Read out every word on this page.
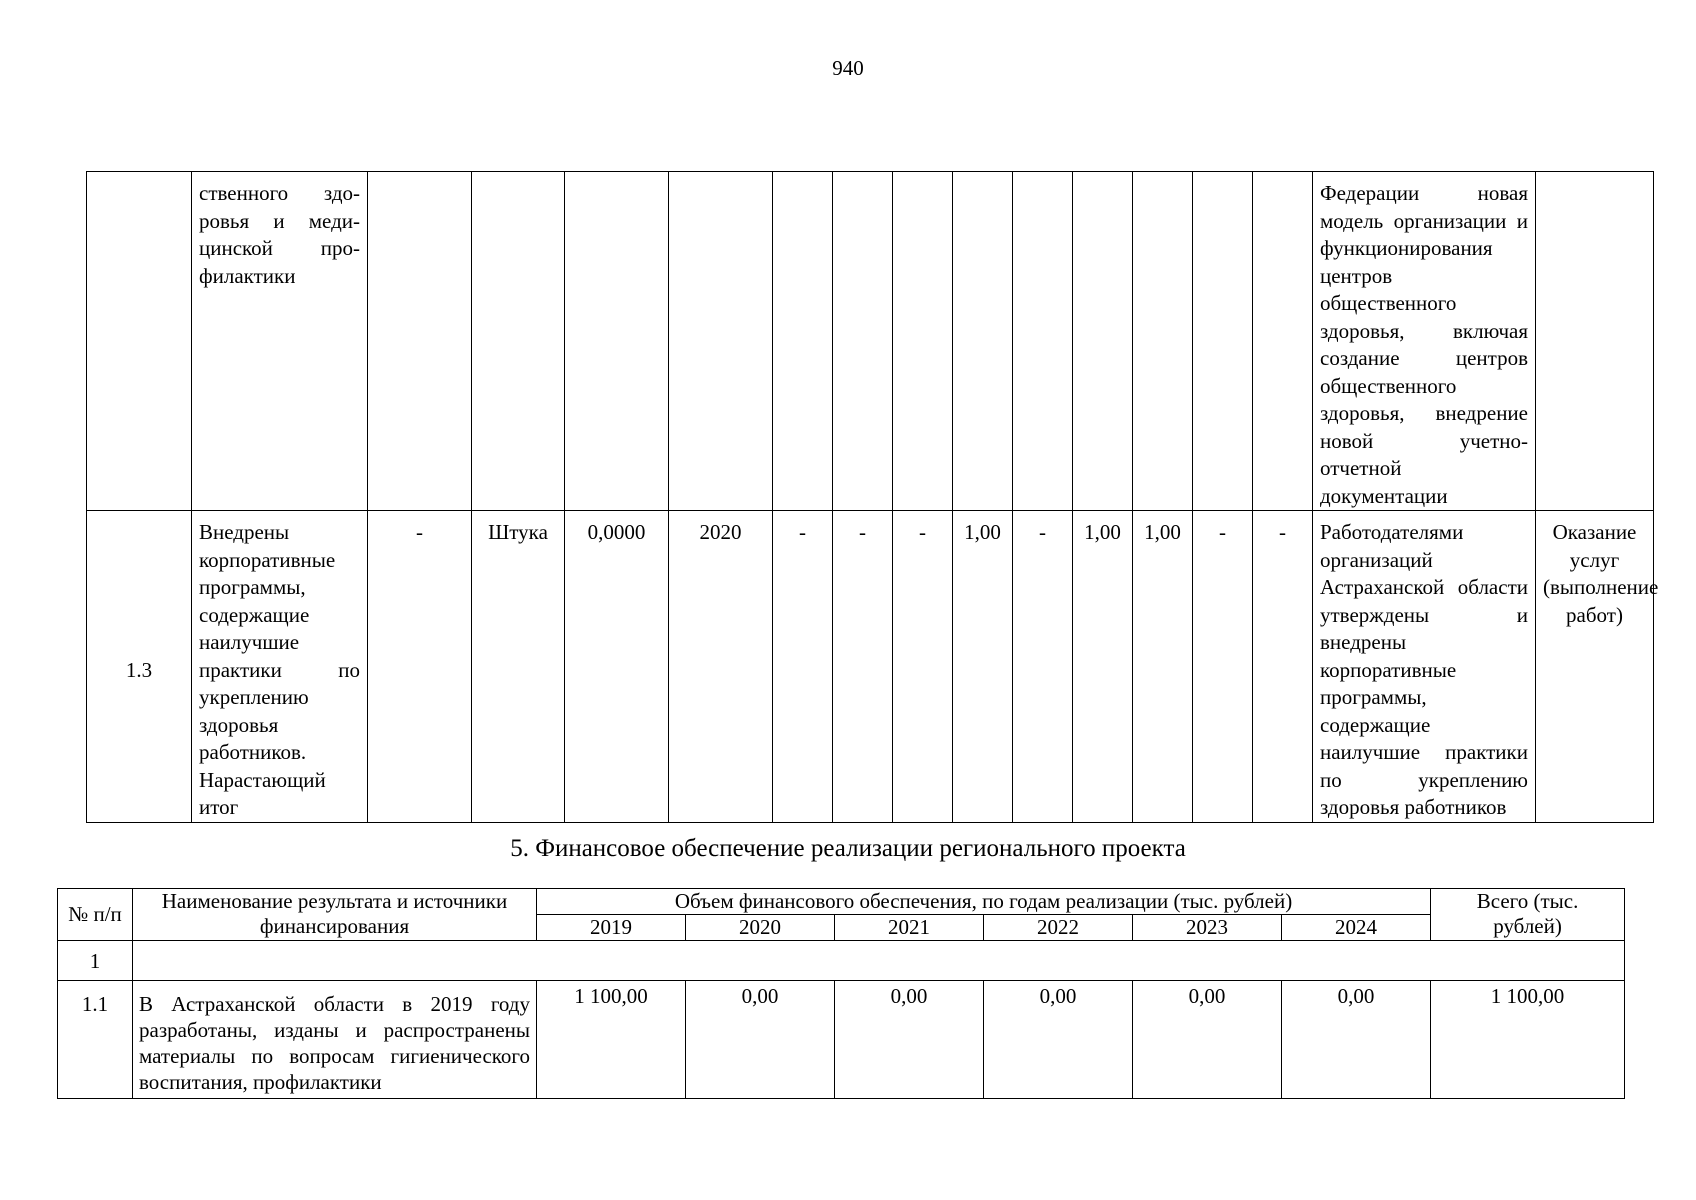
940

	ственного здо-
ровья и меди-
цинской про-
филактики														Федерации новая модель организации и функционирования центров общественного здоровья, включая создание центров общественного здоровья, внедрение новой учетно-отчетной документации	
1.3	Внедрены корпоративные программы, содержащие наилучшие практики по укреплению здоровья работников. Нарастающий итог	-	Штука	0,0000	2020	-	-	-	1,00	-	1,00	1,00	-	-	Работодателями организаций Астраханской области утверждены и внедрены корпоративные программы, содержащие наилучшие практики по укреплению здоровья работников	Оказание услуг (выполнение работ)
5. Финансовое обеспечение реализации регионального проекта
№ п/п	Наименование результата и источники финансирования	Объем финансового обеспечения, по годам реализации (тыс. рублей)						Всего (тыс. рублей)
		2019	2020	2021	2022	2023	2024	
1								
1.1	В Астраханской области в 2019 году разработаны, изданы и распространены материалы по вопросам гигиенического воспитания, профилактики	1 100,00	0,00	0,00	0,00	0,00	0,00	1 100,00
